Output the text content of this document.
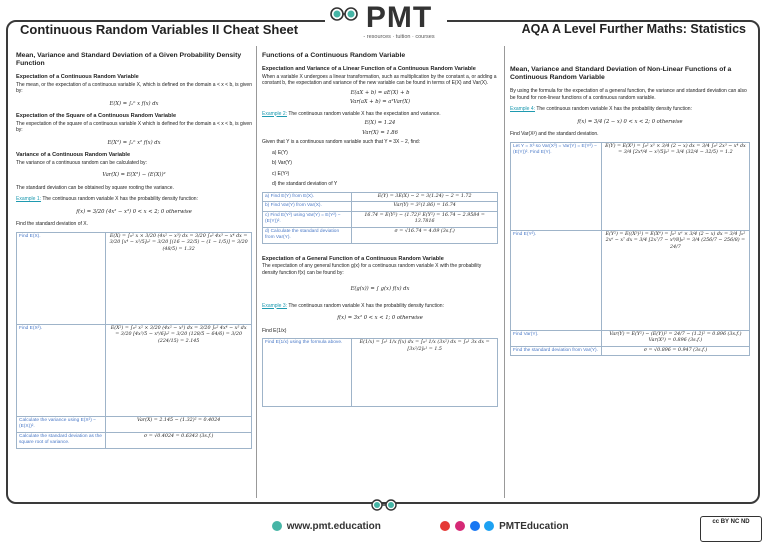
Continuous Random Variables II Cheat Sheet	AQA A Level Further Maths: Statistics
PMT
- resources · tuition · courses
Mean, Variance and Standard Deviation of a Given Probability Density Function
Expectation of a Continuous Random Variable

The mean, or the expectation of a continuous variable X, which is defined on the domain a < x < b, is given by:

E(X) = ∫ₐᵇ x f(x) dx
Expectation of the Square of a Continuous Random Variable

The expectation of the square of a continuous variable X which is defined for the domain a < x < b, is given by:

E(X²) = ∫ₐᵇ x² f(x) dx
Variance of a Continuous Random Variable

The variance of a continuous random can be calculated by:

Var(X) = E(X²) − (E(X))²

The standard deviation can be obtained by square rooting the variance.

Example 1: The continuous random variable X has the probability density function:

f(x) = 3/20 (4x² − x³) 0 < x < 2; 0 otherwise

Find the standard deviation of X.

Find E(X).	E(X) = ∫₀² x × 3/20 (4x² − x³) dx = 3/20 ∫₀² 4x³ − x⁴ dx = 3/20 [x⁴ − x⁵/5]₀² = 3/20 [(16 − 32/5) − (1 − 1/5)] = 3/20 (48/5) = 1.32
Find E(X²).	E(X²) = ∫₀² x² × 3/20 (4x² − x³) dx = 3/20 ∫₀² 4x⁴ − x⁵ dx = 3/20 [4x⁵/5 − x⁶/6]₀² = 3/20 (128/5 − 64/6) = 3/20 (224/15) = 2.145
Calculate the variance using E(X²) − (E(X))².	Var(X) = 2.145 − (1.32)² = 0.4024
Calculate the standard deviation as the square root of variance.	σ = √0.4024 = 0.6343 (3s.f.)
Functions of a Continuous Random Variable
Expectation and Variance of a Linear Function of a Continuous Random Variable

When a variable X undergoes a linear transformation, such as multiplication by the constant a, or adding a constant b, the expectation and variance of the new variable can be found in terms of E(X) and Var(X).

E(aX + b) = aE(X) + b
Var(aX + b) = a²Var(X)

Example 2: The continuous random variable X has the expectation and variance.

E(X) = 1.24
Var(X) = 1.86

Given that Y is a continuous random variable such that Y = 3X − 2, find:

a) E(Y)

b) Var(Y)

c) E(Y²)

d) the standard deviation of Y

a) Find E(Y) from E(X).	E(Y) = 3E(X) − 2 = 3(1.24) − 2 = 1.72
b) Find Var(Y) from Var(X).	Var(Y) = 3²(1.86) = 16.74
c) Find E(Y²) using Var(Y) = E(Y²) − (E(Y))².	16.74 = E(Y²) − (1.72)² E(Y²) = 16.74 − 2.9584 = 13.7816
d) Calculate the standard deviation from Var(Y).	σ = √16.74 = 4.09 (3s.f.)
Expectation of a General Function of a Continuous Random Variable

The expectation of any general function g(x) for a continuous random variable X with the probability density function f(x) can be found by:

E(g(x)) = ∫ g(x) f(x) dx

Example 3: The continuous random variable X has the probability density function:

f(x) = 3x² 0 < x < 1; 0 otherwise

Find E(1/x)

Find E(1/x) using the formula above.	E(1/x) = ∫₀¹ 1/x f(x) dx = ∫₀¹ 1/x (3x²) dx = ∫₀¹ 3x dx = [3x²/2]₀¹ = 1.5
Mean, Variance and Standard Deviation of Non-Linear Functions of a Continuous Random Variable

By using the formula for the expectation of a general function, the variance and standard deviation can also be found for non-linear functions of a continuous random variable.

Example 4: The continuous random variable X has the probability density function:

f(x) = 3/4 (2 − x) 0 < x < 2; 0 otherwise

Find Var(X³) and the standard deviation.

Let Y = X³ so Var(X³) = Var(Y) = E(Y²) − (E(Y))². Find E(Y).	E(Y) = E(X³) = ∫₀² x³ × 3/4 (2 − x) dx = 3/4 ∫₀² 2x³ − x⁴ dx = 3/4 [2x⁴/4 − x⁵/5]₀² = 3/4 (32/4 − 32/5) = 1.2
Find E(Y²).	E(Y²) = E((X³)²) = E(X⁶) = ∫₀² x⁶ × 3/4 (2 − x) dx = 3/4 ∫₀² 2x⁶ − x⁷ dx = 3/4 [2x⁷/7 − x⁸/8]₀² = 3/4 (256/7 − 256/8) = 24/7
Find Var(Y).	Var(Y) = E(Y²) − (E(Y))² = 24/7 − (1.2)² = 0.896 (3s.f.) Var(X³) = 0.896 (3s.f.)
Find the standard deviation from Var(Y).	σ = √0.896 = 0.947 (3s.f.)
www.pmt.education	PMTEducation	cc BY NC ND
